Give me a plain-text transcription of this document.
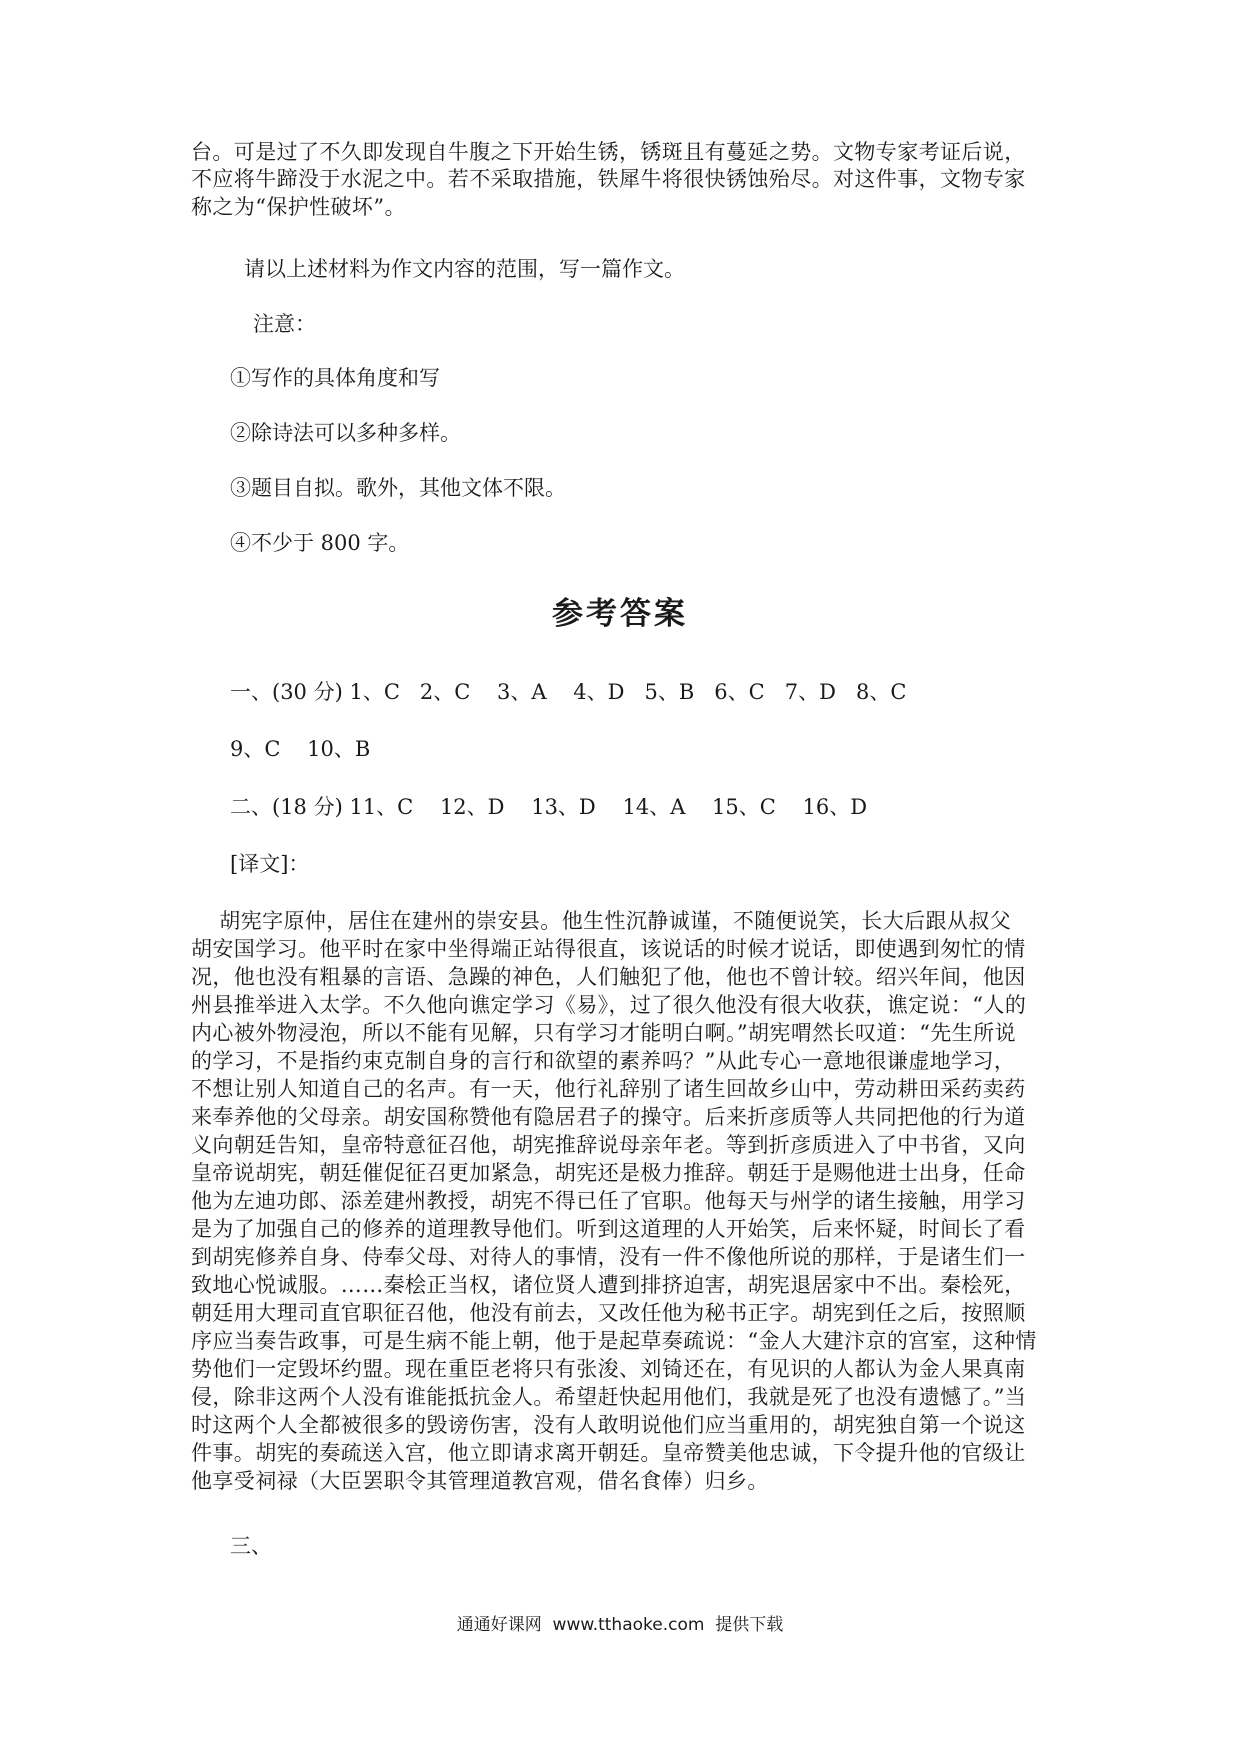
台。可是过了不久即发现自牛腹之下开始生锈，锈斑且有蔓延之势。文物专家考证后说，
不应将牛蹄没于水泥之中。若不采取措施，铁犀牛将很快锈蚀殆尽。对这件事，文物专家
称之为“保护性破坏”。
请以上述材料为作文内容的范围，写一篇作文。
注意：
①写作的具体角度和写
②除诗法可以多种多样。
③题目自拟。歌外，其他文体不限。
④不少于 800 字。
参考答案
一、(30 分) 1、C   2、C    3、A    4、D   5、B   6、C   7、D   8、C
9、C    10、B
二、(18 分) 11、C    12、D    13、D    14、A    15、C    16、D
[译文]：
胡宪字原仲，居住在建州的崇安县。他生性沉静诚谨，不随便说笑，长大后跟从叔父
胡安国学习。他平时在家中坐得端正站得很直，该说话的时候才说话，即使遇到匆忙的情
况，他也没有粗暴的言语、急躁的神色，人们触犯了他，他也不曾计较。绍兴年间，他因
州县推举进入太学。不久他向谯定学习《易》，过了很久他没有很大收获，谯定说：“人的
内心被外物浸泡，所以不能有见解，只有学习才能明白啊。”胡宪喟然长叹道：“先生所说
的学习，不是指约束克制自身的言行和欲望的素养吗？”从此专心一意地很谦虚地学习，
不想让别人知道自己的名声。有一天，他行礼辞别了诸生回故乡山中，劳动耕田采药卖药
来奉养他的父母亲。胡安国称赞他有隐居君子的操守。后来折彦质等人共同把他的行为道
义向朝廷告知，皇帝特意征召他，胡宪推辞说母亲年老。等到折彦质进入了中书省，又向
皇帝说胡宪，朝廷催促征召更加紧急，胡宪还是极力推辞。朝廷于是赐他进士出身，任命
他为左迪功郎、添差建州教授，胡宪不得已任了官职。他每天与州学的诸生接触，用学习
是为了加强自己的修养的道理教导他们。听到这道理的人开始笑，后来怀疑，时间长了看
到胡宪修养自身、侍奉父母、对待人的事情，没有一件不像他所说的那样，于是诸生们一
致地心悦诚服。……秦桧正当权，诸位贤人遭到排挤迫害，胡宪退居家中不出。秦桧死，
朝廷用大理司直官职征召他，他没有前去，又改任他为秘书正字。胡宪到任之后，按照顺
序应当奏告政事，可是生病不能上朝，他于是起草奏疏说：“金人大建汴京的宫室，这种情
势他们一定毁坏约盟。现在重臣老将只有张浚、刘锜还在，有见识的人都认为金人果真南
侵，除非这两个人没有谁能抵抗金人。希望赶快起用他们，我就是死了也没有遗憾了。”当
时这两个人全都被很多的毁谤伤害，没有人敢明说他们应当重用的，胡宪独自第一个说这
件事。胡宪的奏疏送入宫，他立即请求离开朝廷。皇帝赞美他忠诚，下令提升他的官级让
他享受祠禄（大臣罢职令其管理道教宫观，借名食俸）归乡。
三、
通通好课网  www.tthaoke.com  提供下载
